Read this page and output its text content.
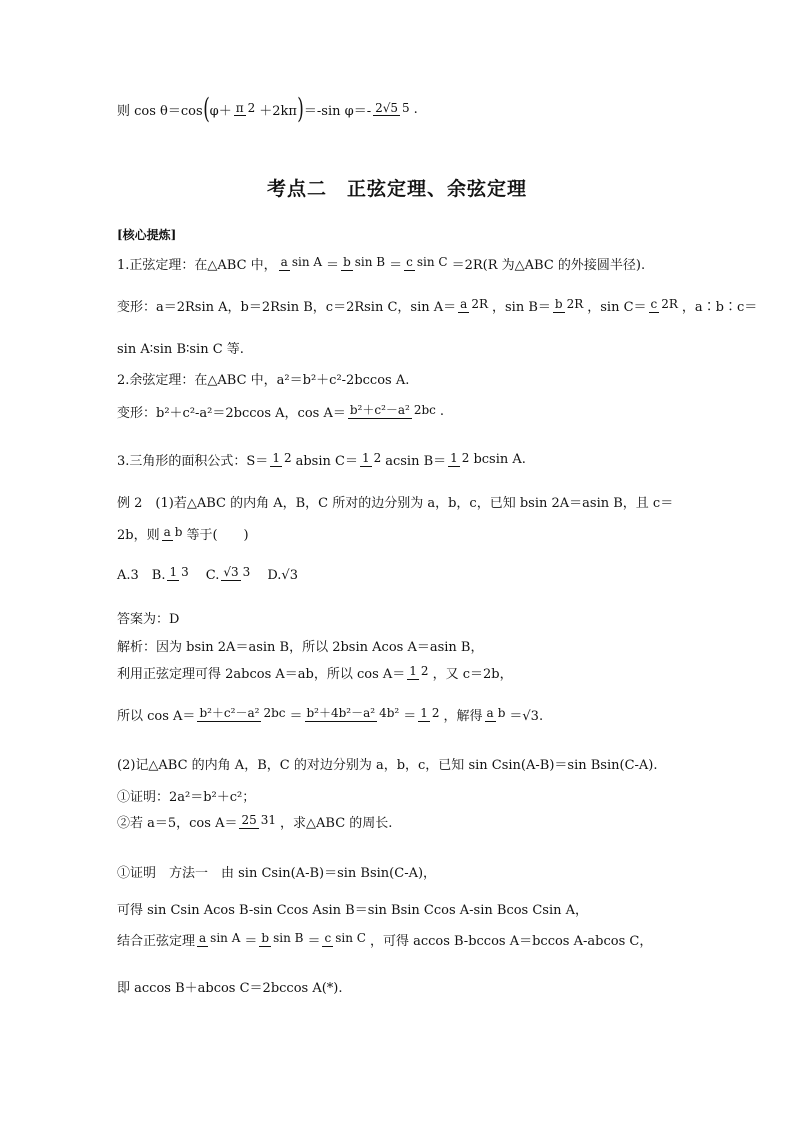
则 cos θ＝cos ( φ＋ π 2 ＋2kπ ) ＝-sin φ＝- 2√5 5 .
考点二　正弦定理、余弦定理
[核心提炼]
1.正弦定理：在△ABC 中， a sin A ＝ b sin B ＝ c sin C ＝2R(R 为△ABC 的外接圆半径).
变形：a＝2Rsin A，b＝2Rsin B，c＝2Rsin C，sin A＝ a 2R ，sin B＝ b 2R ，sin C＝ c 2R ，a∶b∶c＝
sin A∶sin B∶sin C 等.
2.余弦定理：在△ABC 中，a²＝b²＋c²-2bccos A.
变形：b²＋c²-a²＝2bccos A，cos A＝ b²＋c²－a² 2bc .
3.三角形的面积公式：S＝ 1 2 absin C＝ 1 2 acsin B＝ 1 2 bcsin A.
例 2　(1)若△ABC 的内角 A，B，C 所对的边分别为 a，b，c，已知 bsin 2A＝asin B，且 c＝
2b，则 a b 等于(　　)
A.3　B. 1 3 　C. √3 3 　D.√3
答案为：D
解析：因为 bsin 2A＝asin B，所以 2bsin Acos A＝asin B，
利用正弦定理可得 2abcos A＝ab，所以 cos A＝ 1 2 ，又 c＝2b，
所以 cos A＝ b²＋c²－a² 2bc ＝ b²＋4b²－a² 4b² ＝ 1 2 ，解得 a b ＝√3.
(2)记△ABC 的内角 A，B，C 的对边分别为 a，b，c，已知 sin Csin(A-B)＝sin Bsin(C-A).
①证明：2a²＝b²＋c²；
②若 a＝5，cos A＝ 25 31 ，求△ABC 的周长.
①证明　方法一　由 sin Csin(A-B)＝sin Bsin(C-A)，
可得 sin Csin Acos B-sin Ccos Asin B＝sin Bsin Ccos A-sin Bcos Csin A，
结合正弦定理 a sin A ＝ b sin B ＝ c sin C ，可得 accos B-bccos A＝bccos A-abcos C，
即 accos B＋abcos C＝2bccos A(*).
